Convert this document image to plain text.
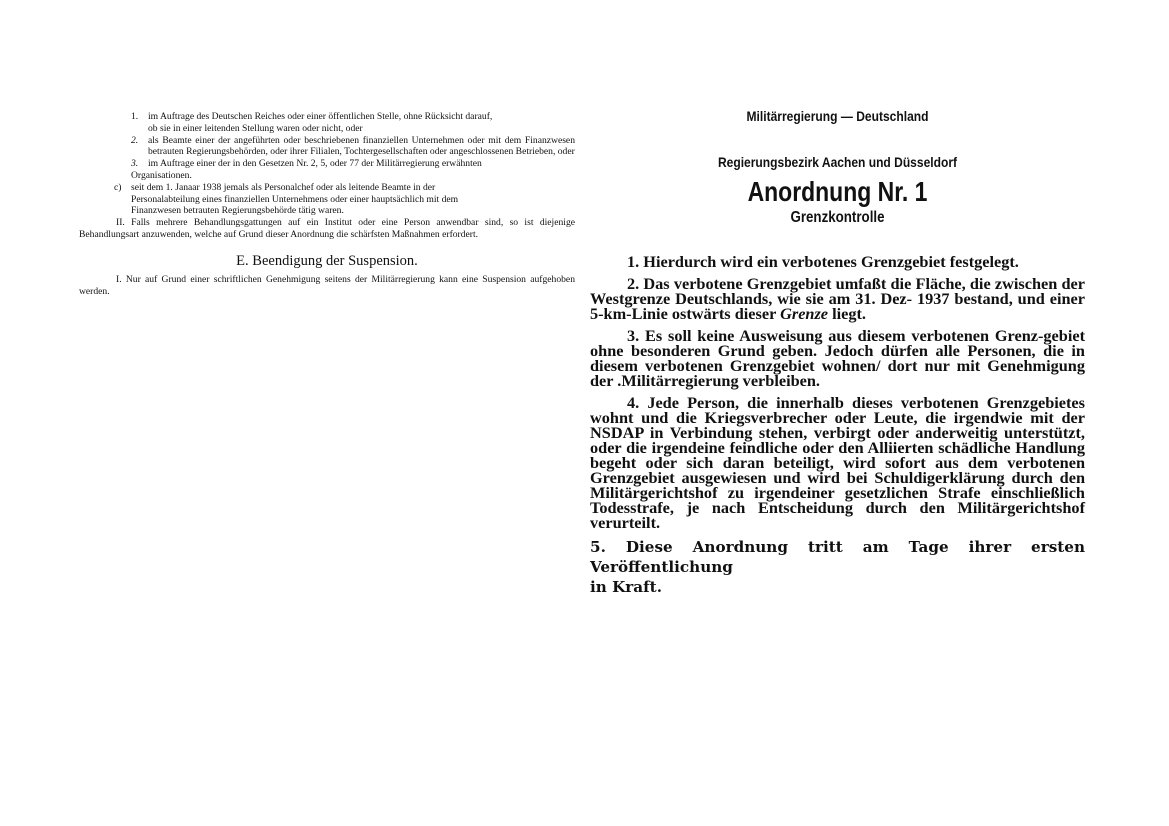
1. im Auftrage des Deutschen Reiches oder einer öffentlichen Stelle, ohne Rücksicht darauf,

ob sie in einer leitenden Stellung waren oder nicht, oder

2. als Beamte einer der angeführten oder beschriebenen finanziellen Unternehmen oder mit dem Finanzwesen betrauten Regierungsbehörden, oder ihrer Filialen, Tochtergesellschaften oder angeschlossenen Betrieben, oder

3. im Auftrage einer der in den Gesetzen Nr. 2, 5, oder 77 der Militärregierung erwähnten

Organisationen.

c) seit dem 1. Janaar 1938 jemals als Personalchef oder als leitende Beamte in der

Personalabteilung eines finanziellen Unternehmens oder einer hauptsächlich mit dem

Finanzwesen betrauten Regierungsbehörde tätig waren.

II. Falls mehrere Behandlungsgattungen auf ein Institut oder eine Person anwendbar sind, so ist diejenige Behandlungsart anzuwenden, welche auf Grund dieser Anordnung die schärfsten Maßnahmen erfordert.

E. Beendigung der Suspension.

I. Nur auf Grund einer schriftlichen Genehmigung seitens der Militärregierung kann eine Suspension aufgehoben werden.

Militärregierung — Deutschland

Regierungsbezirk Aachen und Düsseldorf

Anordnung Nr. 1

Grenzkontrolle

1. Hierdurch wird ein verbotenes Grenzgebiet festgelegt.

2. Das verbotene Grenzgebiet umfaßt die Fläche, die zwischen der Westgrenze Deutschlands, wie sie am 31. Dez- 1937 bestand, und einer 5-km-Linie ostwärts dieser Grenze liegt.

3. Es soll keine Ausweisung aus diesem verbotenen Grenz-gebiet ohne besonderen Grund geben. Jedoch dürfen alle Personen, die in diesem verbotenen Grenzgebiet wohnen/ dort nur mit Genehmigung der .Militärregierung verbleiben.

4. Jede Person, die innerhalb dieses verbotenen Grenzgebietes wohnt und die Kriegsverbrecher oder Leute, die irgendwie mit der NSDAP in Verbindung stehen, verbirgt oder anderweitig unterstützt, oder die irgendeine feindliche oder den Alliierten schädliche Handlung begeht oder sich daran beteiligt, wird sofort aus dem verbotenen Grenzgebiet ausgewiesen und wird bei Schuldigerklärung durch den Militärgerichtshof zu irgendeiner gesetzlichen Strafe einschließlich Todesstrafe, je nach Entscheidung durch den Militärgerichtshof verurteilt.

5. Diese Anordnung tritt am Tage ihrer ersten Veröffentlichung
in Kraft.
